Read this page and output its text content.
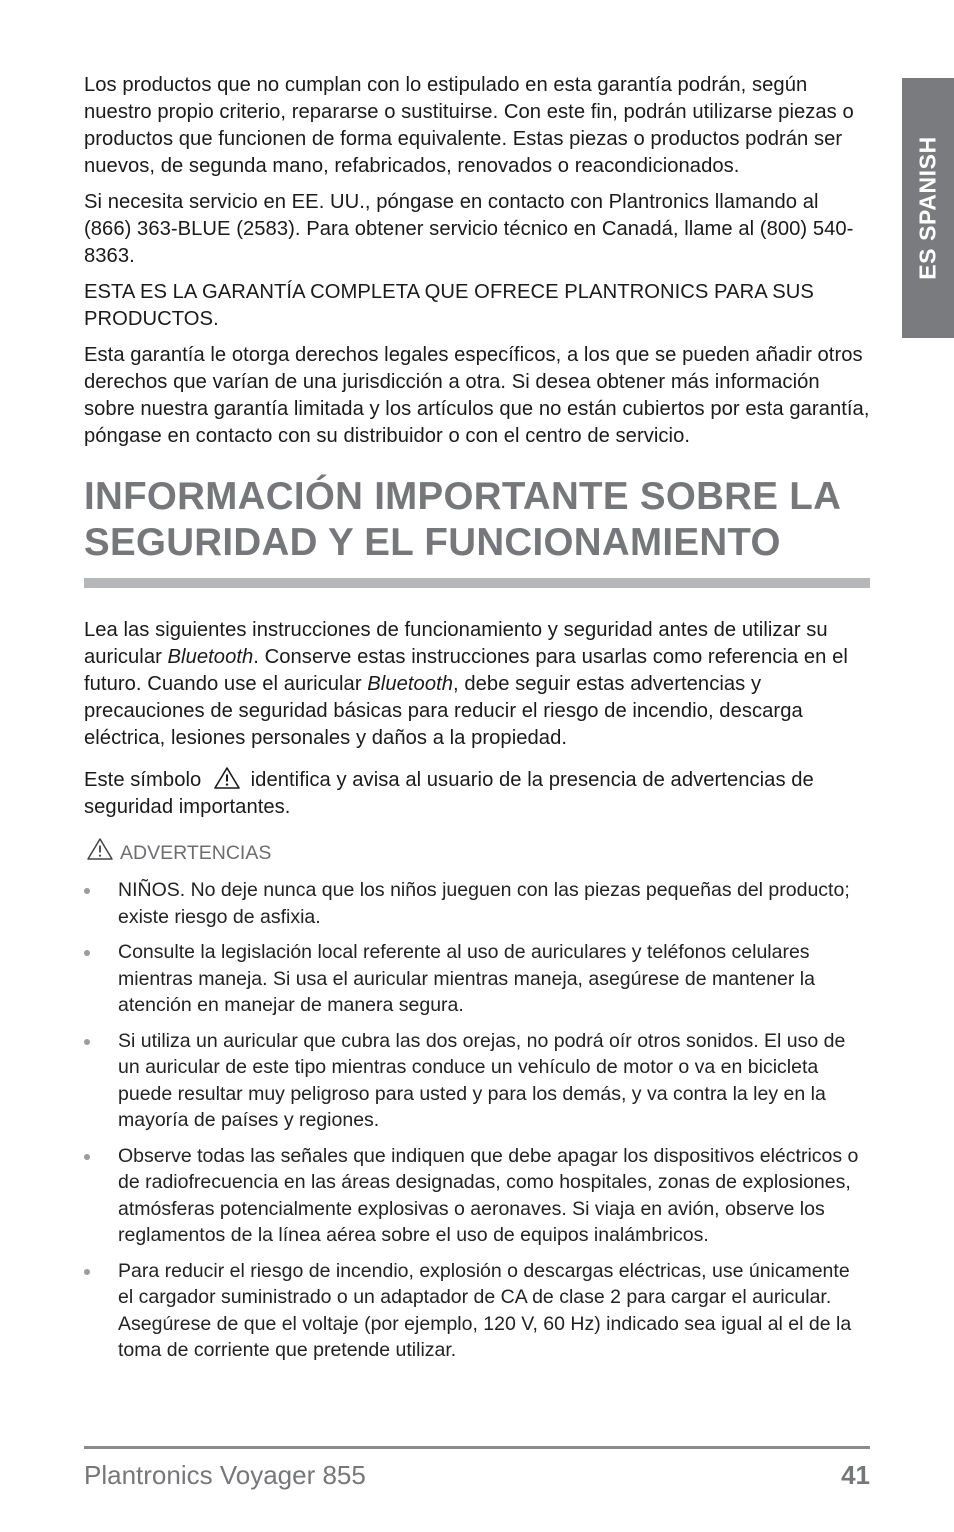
ES SPANISH

Los productos que no cumplan con lo estipulado en esta garantía podrán, según nuestro propio criterio, repararse o sustituirse. Con este fin, podrán utilizarse piezas o productos que funcionen de forma equivalente. Estas piezas o productos podrán ser nuevos, de segunda mano, refabricados, renovados o reacondicionados.

Si necesita servicio en EE. UU., póngase en contacto con Plantronics llamando al (866) 363-BLUE (2583). Para obtener servicio técnico en Canadá, llame al (800) 540-8363.

ESTA ES LA GARANTÍA COMPLETA QUE OFRECE PLANTRONICS PARA SUS PRODUCTOS.

Esta garantía le otorga derechos legales específicos, a los que se pueden añadir otros derechos que varían de una jurisdicción a otra. Si desea obtener más información sobre nuestra garantía limitada y los artículos que no están cubiertos por esta garantía, póngase en contacto con su distribuidor o con el centro de servicio.

INFORMACIÓN IMPORTANTE SOBRE LA SEGURIDAD Y EL FUNCIONAMIENTO

Lea las siguientes instrucciones de funcionamiento y seguridad antes de utilizar su auricular Bluetooth. Conserve estas instrucciones para usarlas como referencia en el futuro. Cuando use el auricular Bluetooth, debe seguir estas advertencias y precauciones de seguridad básicas para reducir el riesgo de incendio, descarga eléctrica, lesiones personales y daños a la propiedad.

Este símbolo identifica y avisa al usuario de la presencia de advertencias de seguridad importantes.

ADVERTENCIAS
NIÑOS. No deje nunca que los niños jueguen con las piezas pequeñas del producto; existe riesgo de asfixia.
Consulte la legislación local referente al uso de auriculares y teléfonos celulares mientras maneja. Si usa el auricular mientras maneja, asegúrese de mantener la atención en manejar de manera segura.
Si utiliza un auricular que cubra las dos orejas, no podrá oír otros sonidos. El uso de un auricular de este tipo mientras conduce un vehículo de motor o va en bicicleta puede resultar muy peligroso para usted y para los demás, y va contra la ley en la mayoría de países y regiones.
Observe todas las señales que indiquen que debe apagar los dispositivos eléctricos o de radiofrecuencia en las áreas designadas, como hospitales, zonas de explosiones, atmósferas potencialmente explosivas o aeronaves. Si viaja en avión, observe los reglamentos de la línea aérea sobre el uso de equipos inalámbricos.
Para reducir el riesgo de incendio, explosión o descargas eléctricas, use únicamente el cargador suministrado o un adaptador de CA de clase 2 para cargar el auricular. Asegúrese de que el voltaje (por ejemplo, 120 V, 60 Hz) indicado sea igual al el de la toma de corriente que pretende utilizar.
Plantronics Voyager 855	41
